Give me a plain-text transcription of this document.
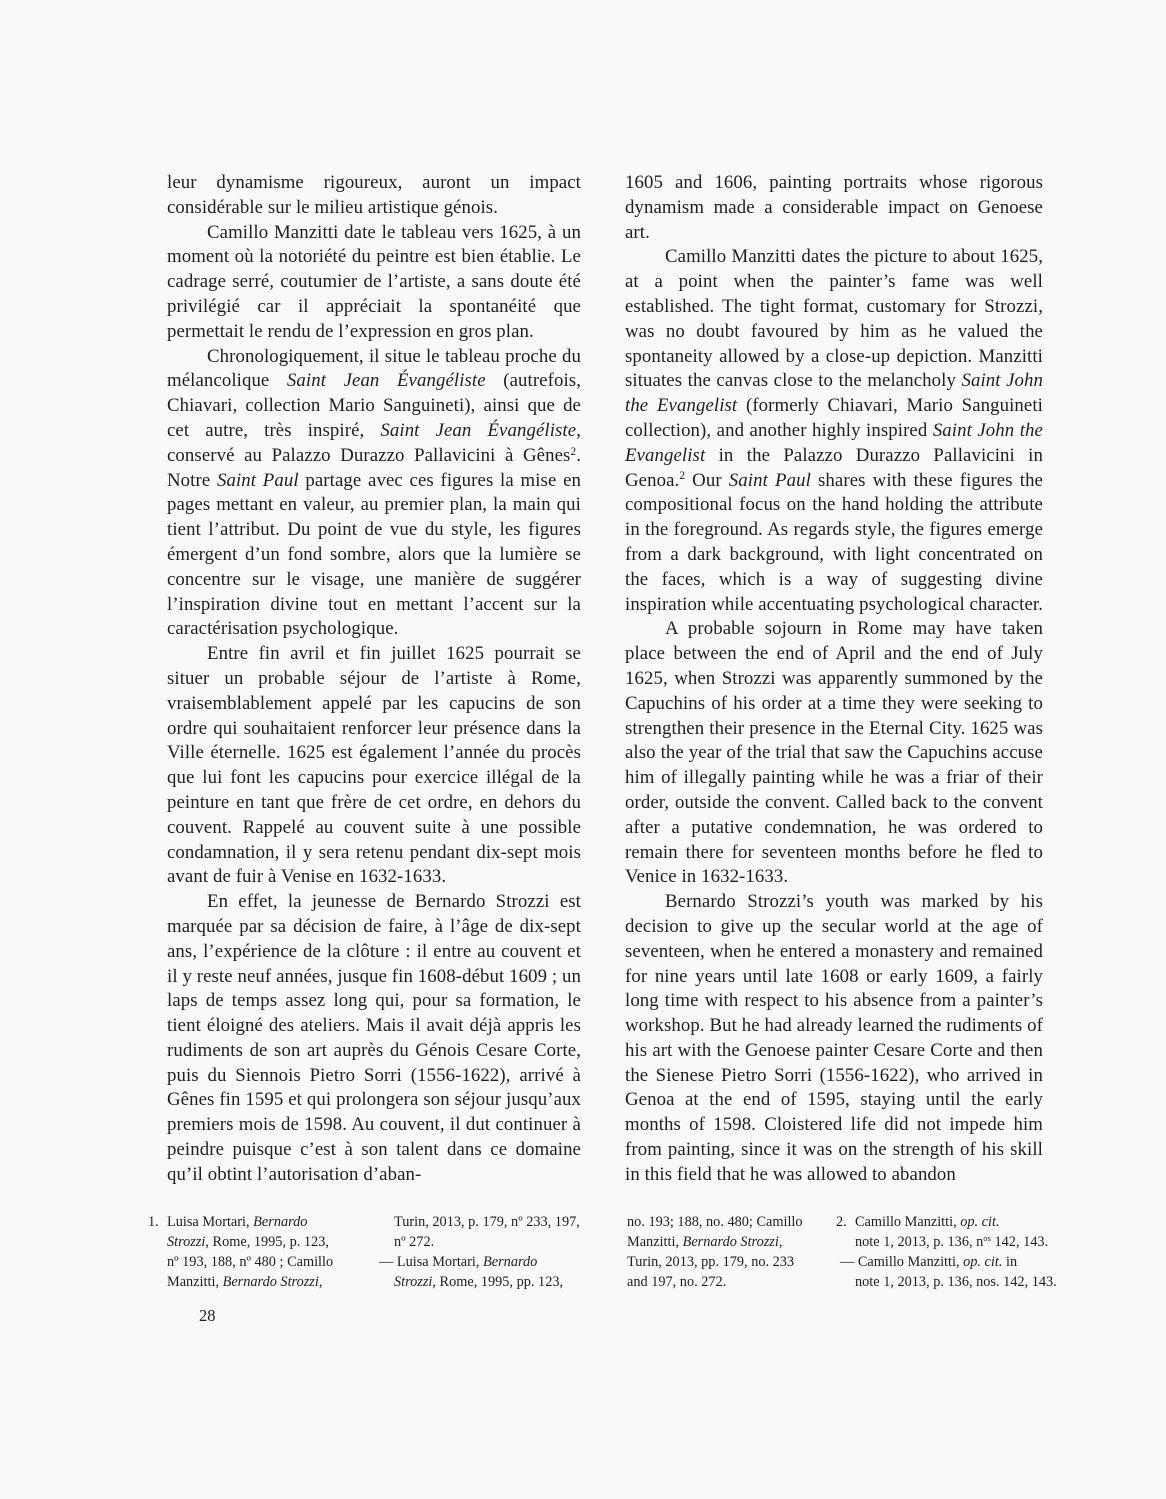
leur dynamisme rigoureux, auront un impact considérable sur le milieu artistique génois.

Camillo Manzitti date le tableau vers 1625, à un moment où la notoriété du peintre est bien établie. Le cadrage serré, coutumier de l’artiste, a sans doute été privilégié car il appréciait la spontanéité que permettait le rendu de l’expression en gros plan.

Chronologiquement, il situe le tableau proche du mélancolique Saint Jean Évangéliste (autrefois, Chiavari, collection Mario Sanguineti), ainsi que de cet autre, très inspiré, Saint Jean Évangéliste, conservé au Palazzo Durazzo Pallavicini à Gênes$^2$. Notre Saint Paul partage avec ces figures la mise en pages mettant en valeur, au premier plan, la main qui tient l’attribut. Du point de vue du style, les figures émergent d’un fond sombre, alors que la lumière se concentre sur le visage, une manière de suggérer l’inspiration divine tout en mettant l’accent sur la caractérisation psychologique.

Entre fin avril et fin juillet 1625 pourrait se situer un probable séjour de l’artiste à Rome, vraisemblablement appelé par les capucins de son ordre qui souhaitaient renforcer leur présence dans la Ville éternelle. 1625 est également l’année du procès que lui font les capucins pour exercice illégal de la peinture en tant que frère de cet ordre, en dehors du couvent. Rappelé au couvent suite à une possible condamnation, il y sera retenu pendant dix-sept mois avant de fuir à Venise en 1632-1633.

En effet, la jeunesse de Bernardo Strozzi est marquée par sa décision de faire, à l’âge de dix-sept ans, l’expérience de la clôture : il entre au couvent et il y reste neuf années, jusque fin 1608-début 1609 ; un laps de temps assez long qui, pour sa formation, le tient éloigné des ateliers. Mais il avait déjà appris les rudiments de son art auprès du Génois Cesare Corte, puis du Siennois Pietro Sorri (1556-1622), arrivé à Gênes fin 1595 et qui prolongera son séjour jusqu’aux premiers mois de 1598. Au couvent, il dut continuer à peindre puisque c’est à son talent dans ce domaine qu’il obtint l’autorisation d’aban-

1605 and 1606, painting portraits whose rigorous dynamism made a considerable impact on Genoese art.

Camillo Manzitti dates the picture to about 1625, at a point when the painter’s fame was well established. The tight format, customary for Strozzi, was no doubt favoured by him as he valued the spontaneity allowed by a close-up depiction. Manzitti situates the canvas close to the melancholy Saint John the Evangelist (formerly Chiavari, Mario Sanguineti collection), and another highly inspired Saint John the Evangelist in the Palazzo Durazzo Pallavicini in Genoa.$^2$ Our Saint Paul shares with these figures the compositional focus on the hand holding the attribute in the foreground. As regards style, the figures emerge from a dark background, with light concentrated on the faces, which is a way of suggesting divine inspiration while accentuating psychological character.

A probable sojourn in Rome may have taken place between the end of April and the end of July 1625, when Strozzi was apparently summoned by the Capuchins of his order at a time they were seeking to strengthen their presence in the Eternal City. 1625 was also the year of the trial that saw the Capuchins accuse him of illegally painting while he was a friar of their order, outside the convent. Called back to the convent after a putative condemnation, he was ordered to remain there for seventeen months before he fled to Venice in 1632-1633.

Bernardo Strozzi’s youth was marked by his decision to give up the secular world at the age of seventeen, when he entered a monastery and remained for nine years until late 1608 or early 1609, a fairly long time with respect to his absence from a painter’s workshop. But he had already learned the rudiments of his art with the Genoese painter Cesare Corte and then the Sienese Pietro Sorri (1556-1622), who arrived in Genoa at the end of 1595, staying until the early months of 1598. Cloistered life did not impede him from painting, since it was on the strength of his skill in this field that he was allowed to abandon

1. Luisa Mortari, Bernardo
Strozzi, Rome, 1995, p. 123,
nº 193, 188, nº 480 ; Camillo
Manzitti, Bernardo Strozzi,
Turin, 2013, p. 179, nº 233, 197,
nº 272.
— Luisa Mortari, Bernardo
Strozzi, Rome, 1995, pp. 123,
no. 193; 188, no. 480; Camillo
Manzitti, Bernardo Strozzi,
Turin, 2013, pp. 179, no. 233
and 197, no. 272.
2. Camillo Manzitti, op. cit.
note 1, 2013, p. 136, $n^{os}$ 142, 143.
— Camillo Manzitti, op. cit. in
note 1, 2013, p. 136, nos. 142, 143.
28
